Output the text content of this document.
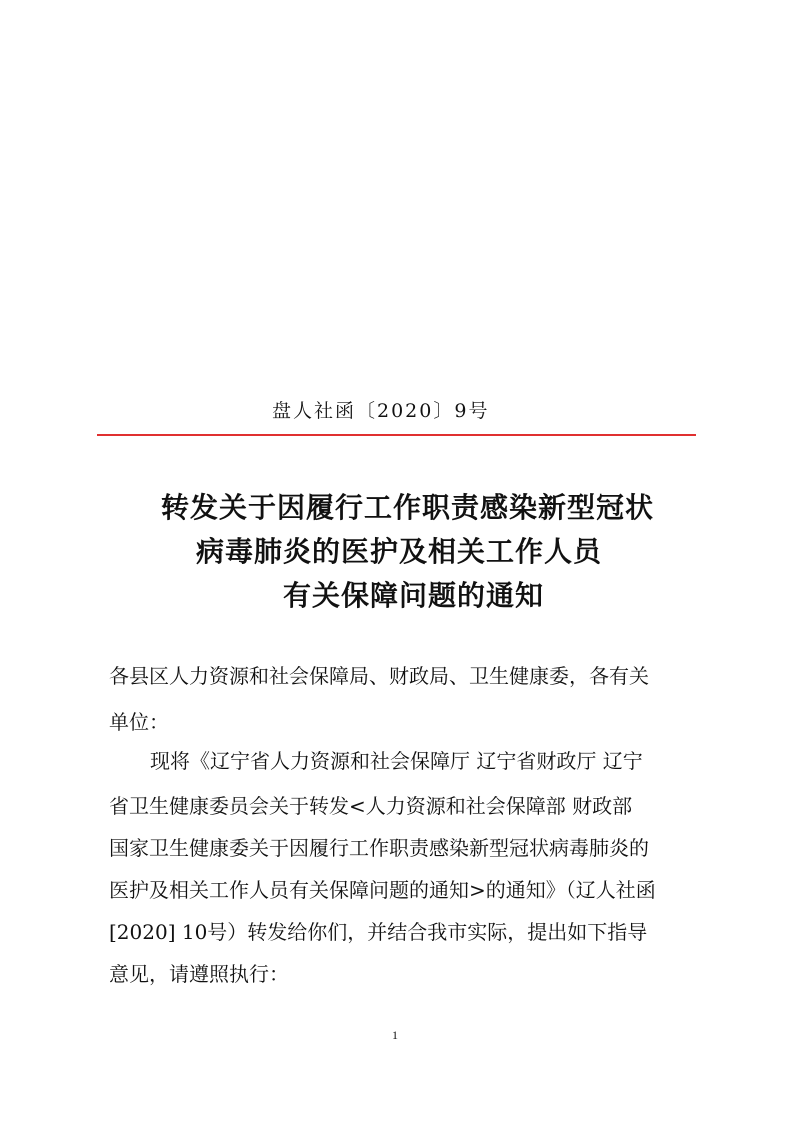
盘人社函〔2020〕9号
转发关于因履行工作职责感染新型冠状
病毒肺炎的医护及相关工作人员
有关保障问题的通知
各县区人力资源和社会保障局、财政局、卫生健康委，各有关
单位：
现将《辽宁省人力资源和社会保障厅 辽宁省财政厅 辽宁
省卫生健康委员会关于转发<人力资源和社会保障部 财政部
国家卫生健康委关于因履行工作职责感染新型冠状病毒肺炎的
医护及相关工作人员有关保障问题的通知>的通知》（辽人社函
[2020] 10号）转发给你们，并结合我市实际，提出如下指导
意见，请遵照执行：
1
